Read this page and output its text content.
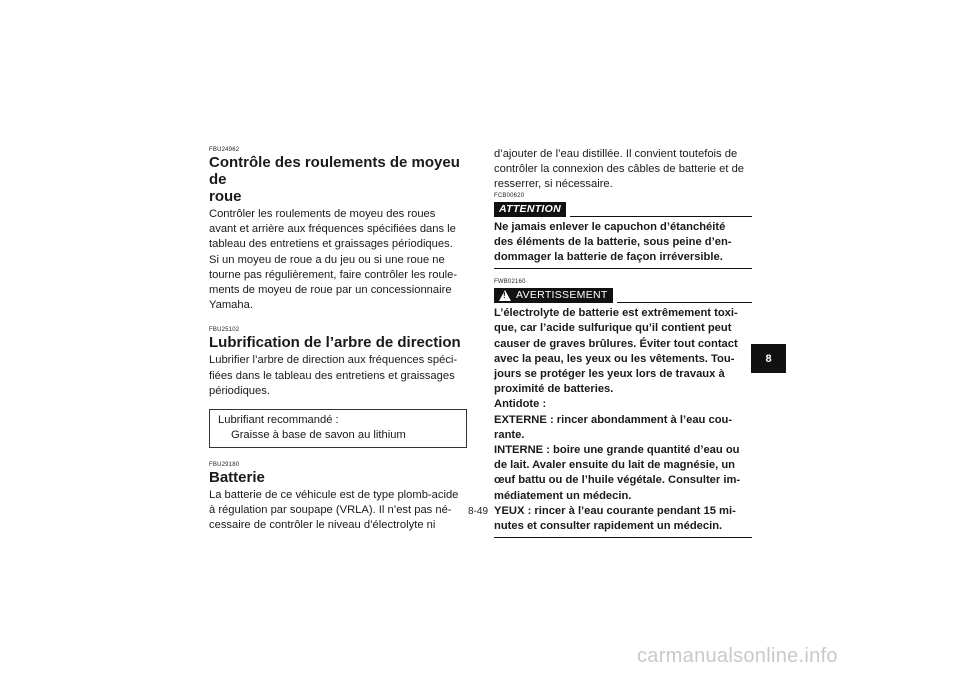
FBU24962

Contrôle des roulements de moyeu de
roue

Contrôler les roulements de moyeu des roues

avant et arrière aux fréquences spécifiées dans le

tableau des entretiens et graissages périodiques.

Si un moyeu de roue a du jeu ou si une roue ne

tourne pas régulièrement, faire contrôler les roule-

ments de moyeu de roue par un concessionnaire

Yamaha.

FBU25102

Lubrification de l’arbre de direction

Lubrifier l’arbre de direction aux fréquences spéci-

fiées dans le tableau des entretiens et graissages

périodiques.

Lubrifiant recommandé :
Graisse à base de savon au lithium

FBU29180

Batterie

La batterie de ce véhicule est de type plomb-acide

à régulation par soupape (VRLA). Il n’est pas né-

cessaire de contrôler le niveau d’électrolyte ni

d’ajouter de l’eau distillée. Il convient toutefois de

contrôler la connexion des câbles de batterie et de

resserrer, si nécessaire.

FCB00620

ATTENTION

Ne jamais enlever le capuchon d’étanchéité

des éléments de la batterie, sous peine d’en-

dommager la batterie de façon irréversible.

FWB02160

!
AVERTISSEMENT

L’électrolyte de batterie est extrêmement toxi-

que, car l’acide sulfurique qu’il contient peut

causer de graves brûlures. Éviter tout contact

avec la peau, les yeux ou les vêtements. Tou-

jours se protéger les yeux lors de travaux à

proximité de batteries.

Antidote :

EXTERNE : rincer abondamment à l’eau cou-

rante.

INTERNE : boire une grande quantité d’eau ou

de lait. Avaler ensuite du lait de magnésie, un

œuf battu ou de l’huile végétale. Consulter im-

médiatement un médecin.

YEUX : rincer à l’eau courante pendant 15 mi-

nutes et consulter rapidement un médecin.

8
8-49
carmanualsonline.info
